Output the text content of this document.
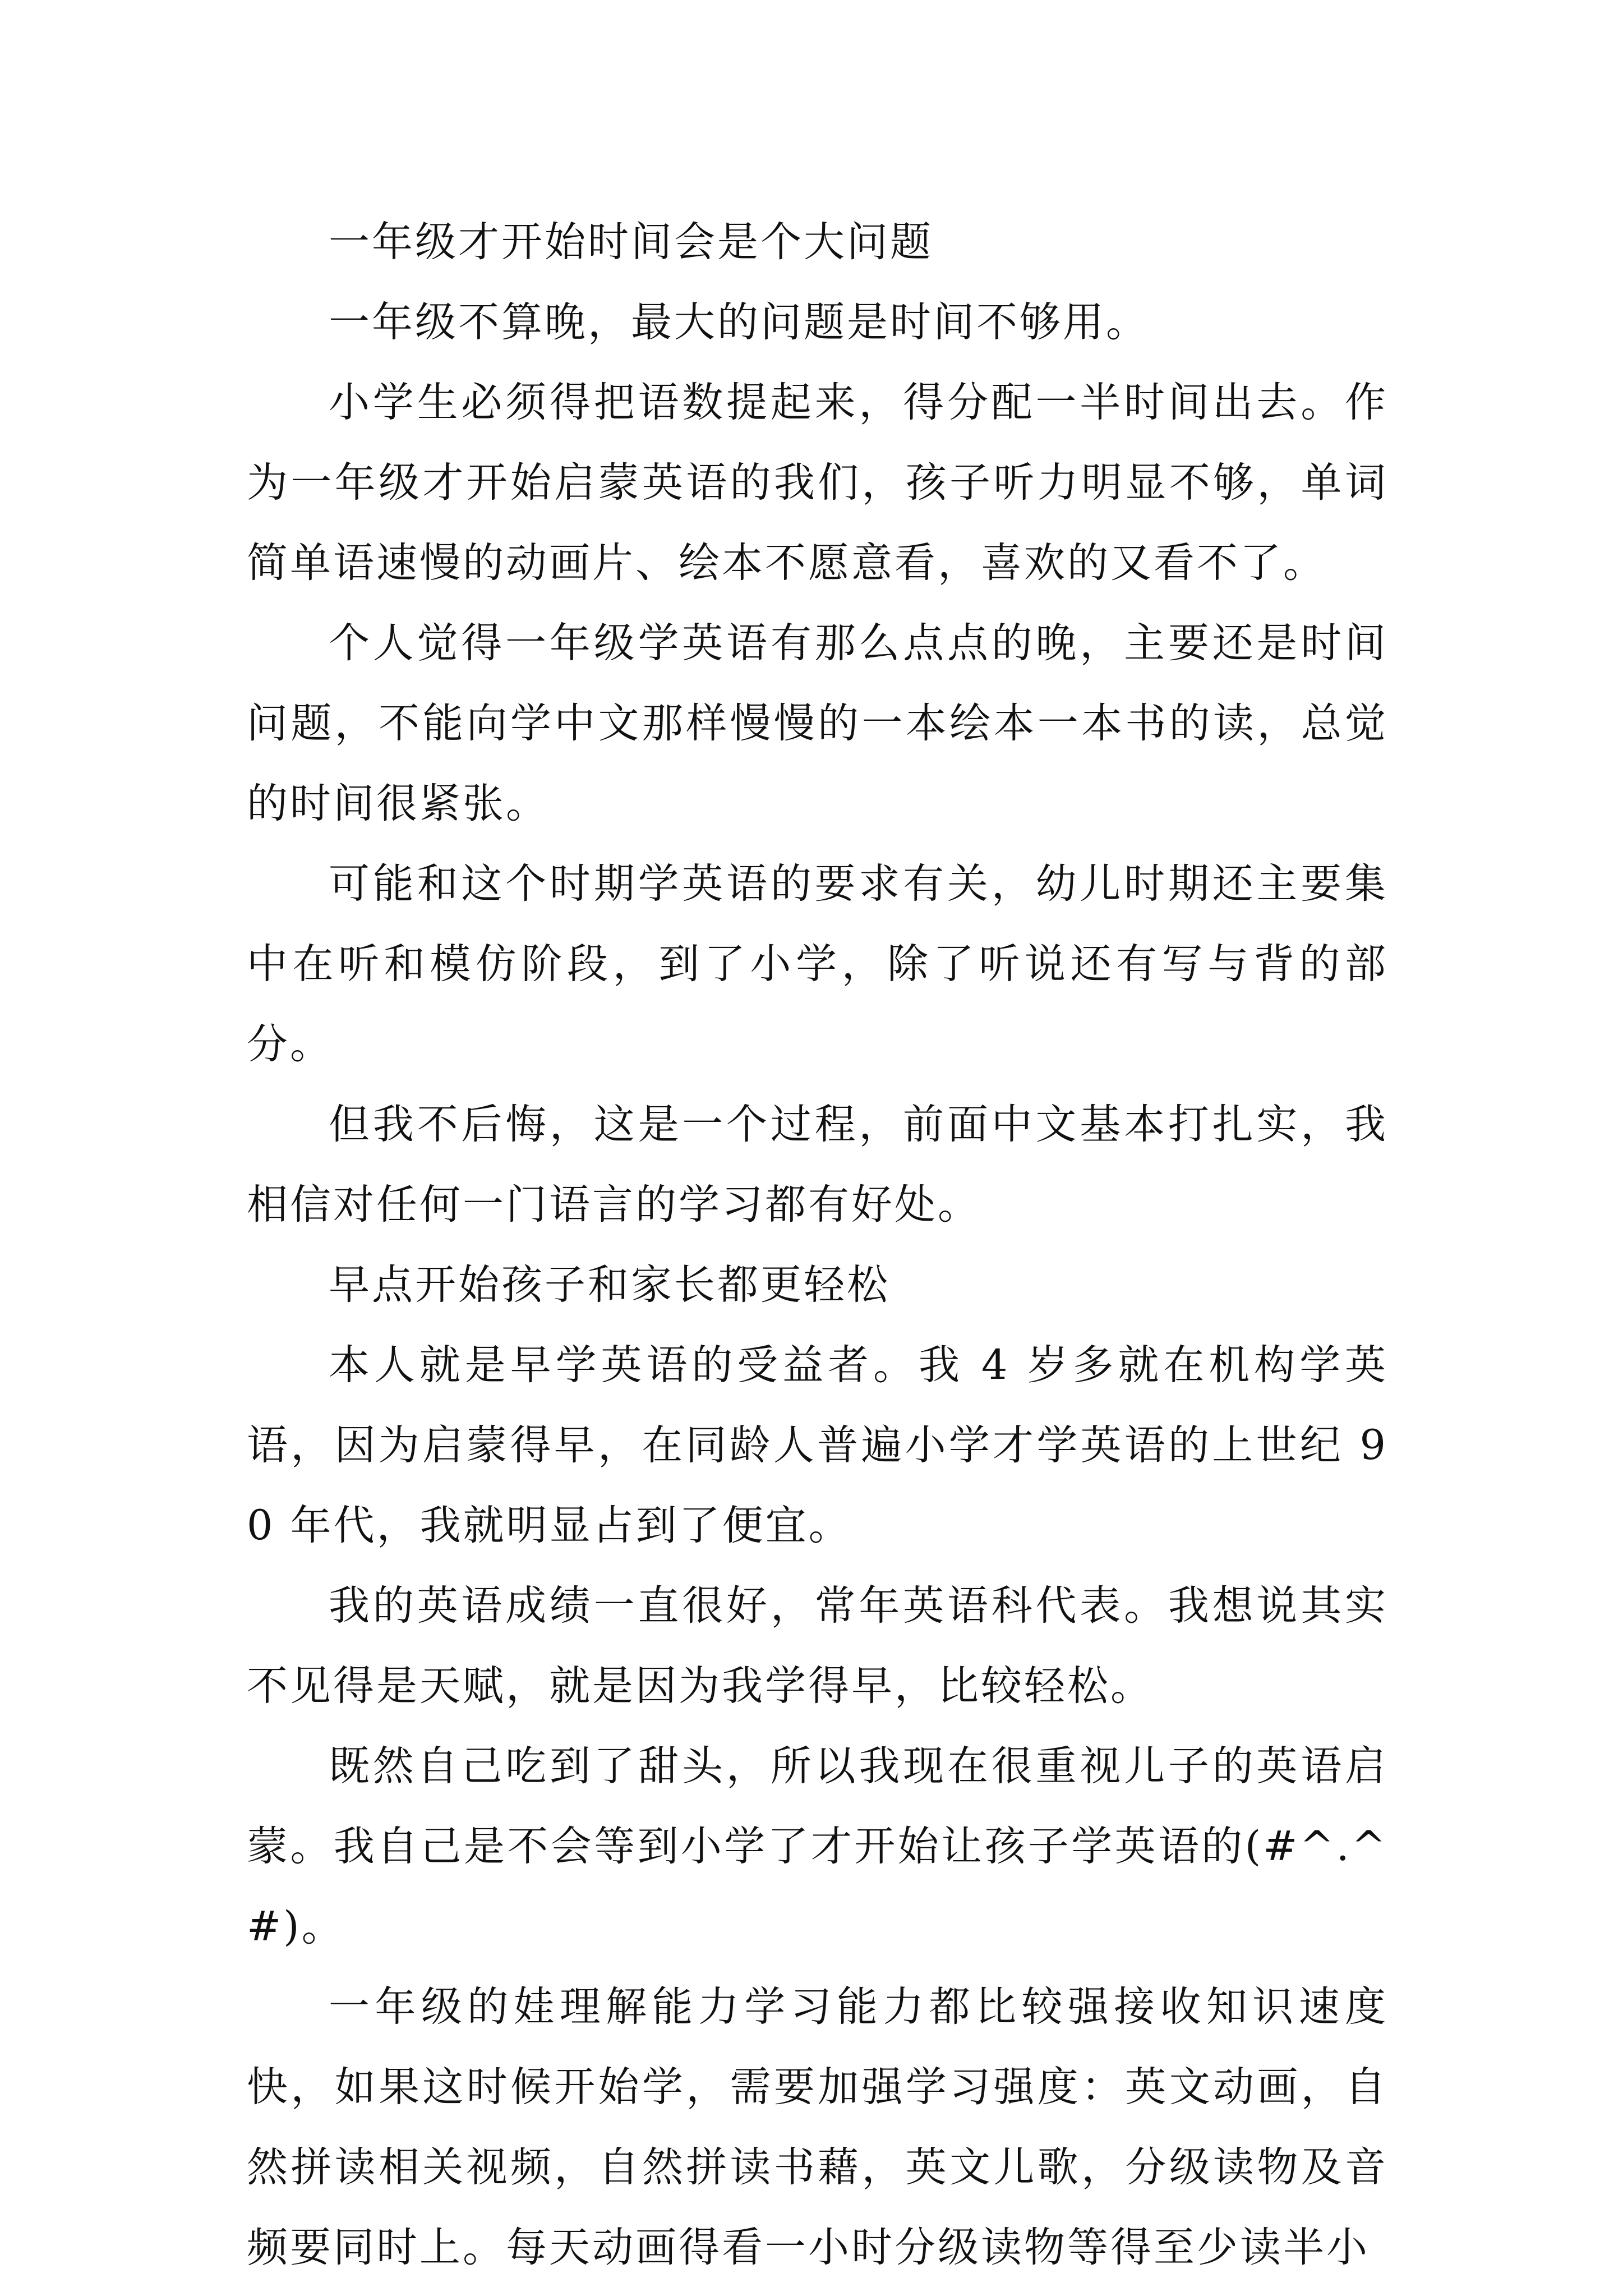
一年级才开始时间会是个大问题

一年级不算晚，最大的问题是时间不够用。

小学生必须得把语数提起来，得分配一半时间出去。作为一年级才开始启蒙英语的我们，孩子听力明显不够，单词简单语速慢的动画片、绘本不愿意看，喜欢的又看不了。

个人觉得一年级学英语有那么点点的晚，主要还是时间问题，不能向学中文那样慢慢的一本绘本一本书的读，总觉的时间很紧张。

可能和这个时期学英语的要求有关，幼儿时期还主要集中在听和模仿阶段，到了小学，除了听说还有写与背的部分。

但我不后悔，这是一个过程，前面中文基本打扎实，我相信对任何一门语言的学习都有好处。

早点开始孩子和家长都更轻松

本人就是早学英语的受益者。我 4 岁多就在机构学英语，因为启蒙得早，在同龄人普遍小学才学英语的上世纪 90 年代，我就明显占到了便宜。

我的英语成绩一直很好，常年英语科代表。我想说其实不见得是天赋，就是因为我学得早，比较轻松。

既然自己吃到了甜头，所以我现在很重视儿子的英语启蒙。我自己是不会等到小学了才开始让孩子学英语的(#^.^#)。

一年级的娃理解能力学习能力都比较强接收知识速度快，如果这时候开始学，需要加强学习强度：英文动画，自然拼读相关视频，自然拼读书藉，英文儿歌，分级读物及音频要同时上。每天动画得看一小时分级读物等得至少读半小
